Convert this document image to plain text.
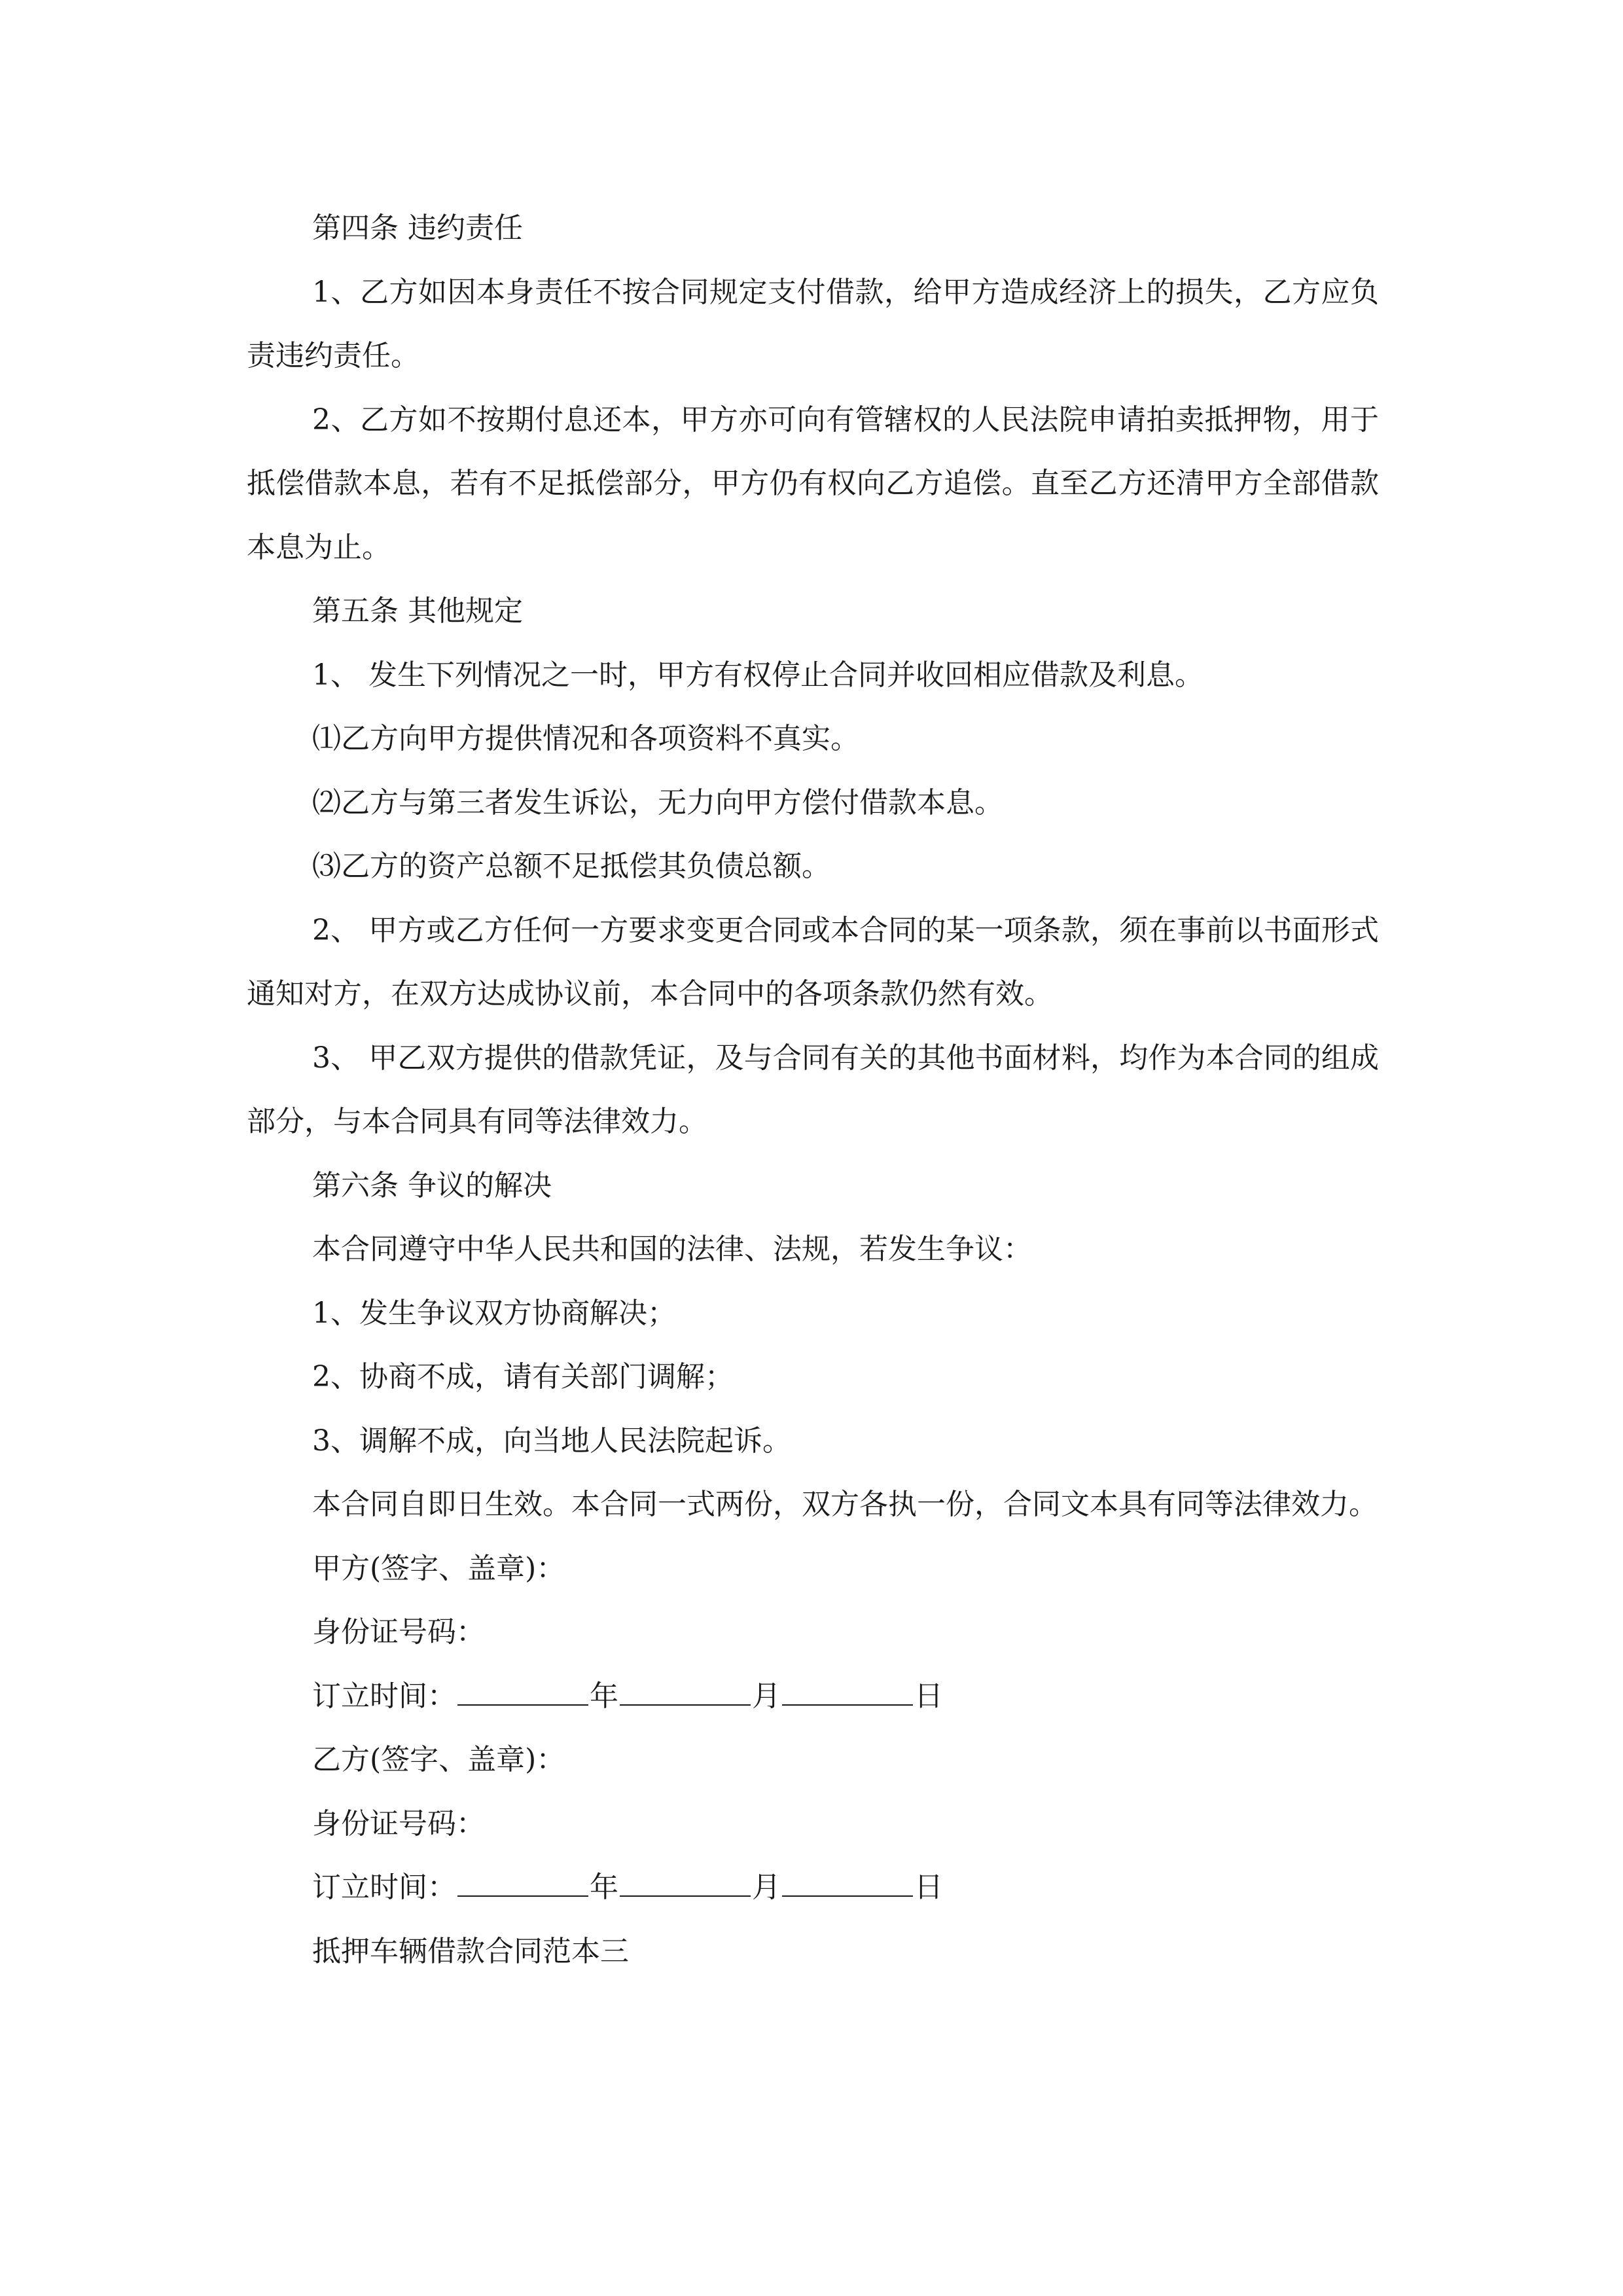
第四条 违约责任

1、乙方如因本身责任不按合同规定支付借款，给甲方造成经济上的损失，乙方应负责违约责任。

2、乙方如不按期付息还本，甲方亦可向有管辖权的人民法院申请拍卖抵押物，用于抵偿借款本息，若有不足抵偿部分，甲方仍有权向乙方追偿。直至乙方还清甲方全部借款本息为止。

第五条 其他规定

1、 发生下列情况之一时，甲方有权停止合同并收回相应借款及利息。

⑴乙方向甲方提供情况和各项资料不真实。

⑵乙方与第三者发生诉讼，无力向甲方偿付借款本息。

⑶乙方的资产总额不足抵偿其负债总额。

2、 甲方或乙方任何一方要求变更合同或本合同的某一项条款，须在事前以书面形式通知对方，在双方达成协议前，本合同中的各项条款仍然有效。

3、 甲乙双方提供的借款凭证，及与合同有关的其他书面材料，均作为本合同的组成部分，与本合同具有同等法律效力。

第六条 争议的解决

本合同遵守中华人民共和国的法律、法规，若发生争议：

1、发生争议双方协商解决；

2、协商不成，请有关部门调解；

3、调解不成，向当地人民法院起诉。

本合同自即日生效。本合同一式两份，双方各执一份，合同文本具有同等法律效力。

甲方(签字、盖章)：

身份证号码：

订立时间：	年	月	日

乙方(签字、盖章)：

身份证号码：

订立时间：	年	月	日

抵押车辆借款合同范本三
